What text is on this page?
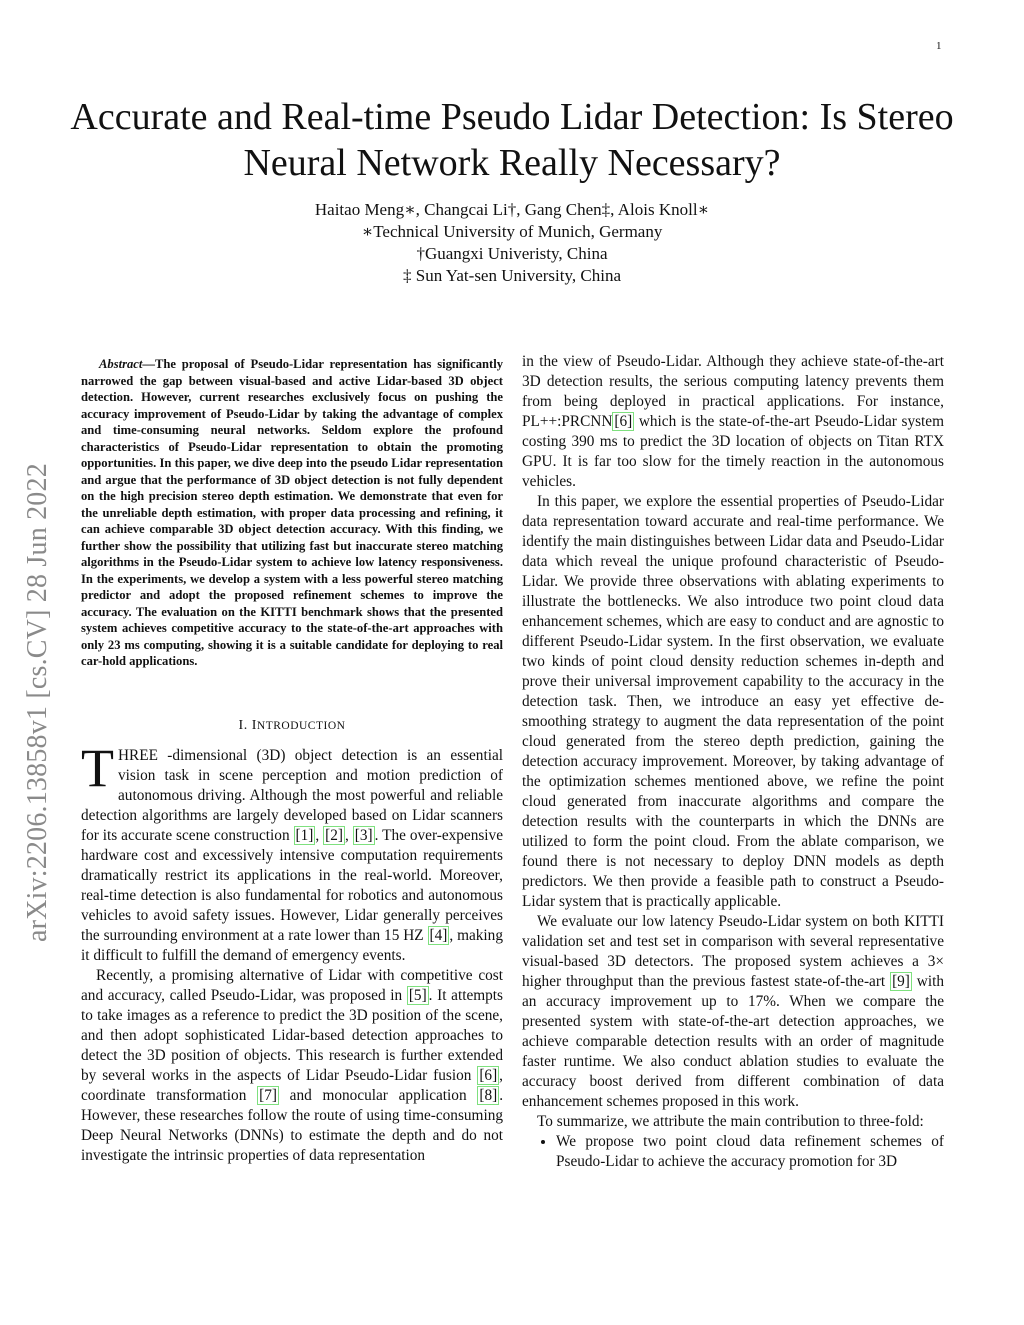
1
arXiv:2206.13858v1 [cs.CV] 28 Jun 2022
Accurate and Real-time Pseudo Lidar Detection: Is Stereo Neural Network Really Necessary?
Haitao Meng∗, Changcai Li†, Gang Chen‡, Alois Knoll∗
∗Technical University of Munich, Germany
†Guangxi Univeristy, China
‡ Sun Yat-sen University, China

Abstract—The proposal of Pseudo-Lidar representation has significantly narrowed the gap between visual-based and active Lidar-based 3D object detection. However, current researches exclusively focus on pushing the accuracy improvement of Pseudo-Lidar by taking the advantage of complex and time-consuming neural networks. Seldom explore the profound characteristics of Pseudo-Lidar representation to obtain the promoting opportunities. In this paper, we dive deep into the pseudo Lidar representation and argue that the performance of 3D object detection is not fully dependent on the high precision stereo depth estimation. We demonstrate that even for the unreliable depth estimation, with proper data processing and refining, it can achieve comparable 3D object detection accuracy. With this finding, we further show the possibility that utilizing fast but inaccurate stereo matching algorithms in the Pseudo-Lidar system to achieve low latency responsiveness. In the experiments, we develop a system with a less powerful stereo matching predictor and adopt the proposed refinement schemes to improve the accuracy. The evaluation on the KITTI benchmark shows that the presented system achieves competitive accuracy to the state-of-the-art approaches with only 23 ms computing, showing it is a suitable candidate for deploying to real car-hold applications.

I. INTRODUCTION

THREE -dimensional (3D) object detection is an essential vision task in scene perception and motion prediction of autonomous driving. Although the most powerful and reliable detection algorithms are largely developed based on Lidar scanners for its accurate scene construction [1] , [2] , [3] . The over-expensive hardware cost and excessively intensive computation requirements dramatically restrict its applications in the real-world. Moreover, real-time detection is also fundamental for robotics and autonomous vehicles to avoid safety issues. However, Lidar generally perceives the surrounding environment at a rate lower than 15 HZ [4] , making it difficult to fulfill the demand of emergency events.

Recently, a promising alternative of Lidar with competitive cost and accuracy, called Pseudo-Lidar, was proposed in [5] . It attempts to take images as a reference to predict the 3D position of the scene, and then adopt sophisticated Lidar-based detection approaches to detect the 3D position of objects. This research is further extended by several works in the aspects of Lidar Pseudo-Lidar fusion [6] , coordinate transformation [7] and monocular application [8] . However, these researches follow the route of using time-consuming Deep Neural Networks (DNNs) to estimate the depth and do not investigate the intrinsic properties of data representation

in the view of Pseudo-Lidar. Although they achieve state-of-the-art 3D detection results, the serious computing latency prevents them from being deployed in practical applications. For instance, PL++:PRCNN [6] which is the state-of-the-art Pseudo-Lidar system costing 390 ms to predict the 3D location of objects on Titan RTX GPU. It is far too slow for the timely reaction in the autonomous vehicles.

In this paper, we explore the essential properties of Pseudo-Lidar data representation toward accurate and real-time performance. We identify the main distinguishes between Lidar data and Pseudo-Lidar data which reveal the unique profound characteristic of Pseudo-Lidar. We provide three observations with ablating experiments to illustrate the bottlenecks. We also introduce two point cloud data enhancement schemes, which are easy to conduct and are agnostic to different Pseudo-Lidar system. In the first observation, we evaluate two kinds of point cloud density reduction schemes in-depth and prove their universal improvement capability to the accuracy in the detection task. Then, we introduce an easy yet effective de-smoothing strategy to augment the data representation of the point cloud generated from the stereo depth prediction, gaining the detection accuracy improvement. Moreover, by taking advantage of the optimization schemes mentioned above, we refine the point cloud generated from inaccurate algorithms and compare the detection results with the counterparts in which the DNNs are utilized to form the point cloud. From the ablate comparison, we found there is not necessary to deploy DNN models as depth predictors. We then provide a feasible path to construct a Pseudo-Lidar system that is practically applicable.

We evaluate our low latency Pseudo-Lidar system on both KITTI validation set and test set in comparison with several representative visual-based 3D detectors. The proposed system achieves a 3× higher throughput than the previous fastest state-of-the-art [9] with an accuracy improvement up to 17%. When we compare the presented system with state-of-the-art detection approaches, we achieve comparable detection results with an order of magnitude faster runtime. We also conduct ablation studies to evaluate the accuracy boost derived from different combination of data enhancement schemes proposed in this work.

To summarize, we attribute the main contribution to three-fold:

• We propose two point cloud data refinement schemes of Pseudo-Lidar to achieve the accuracy promotion for 3D
